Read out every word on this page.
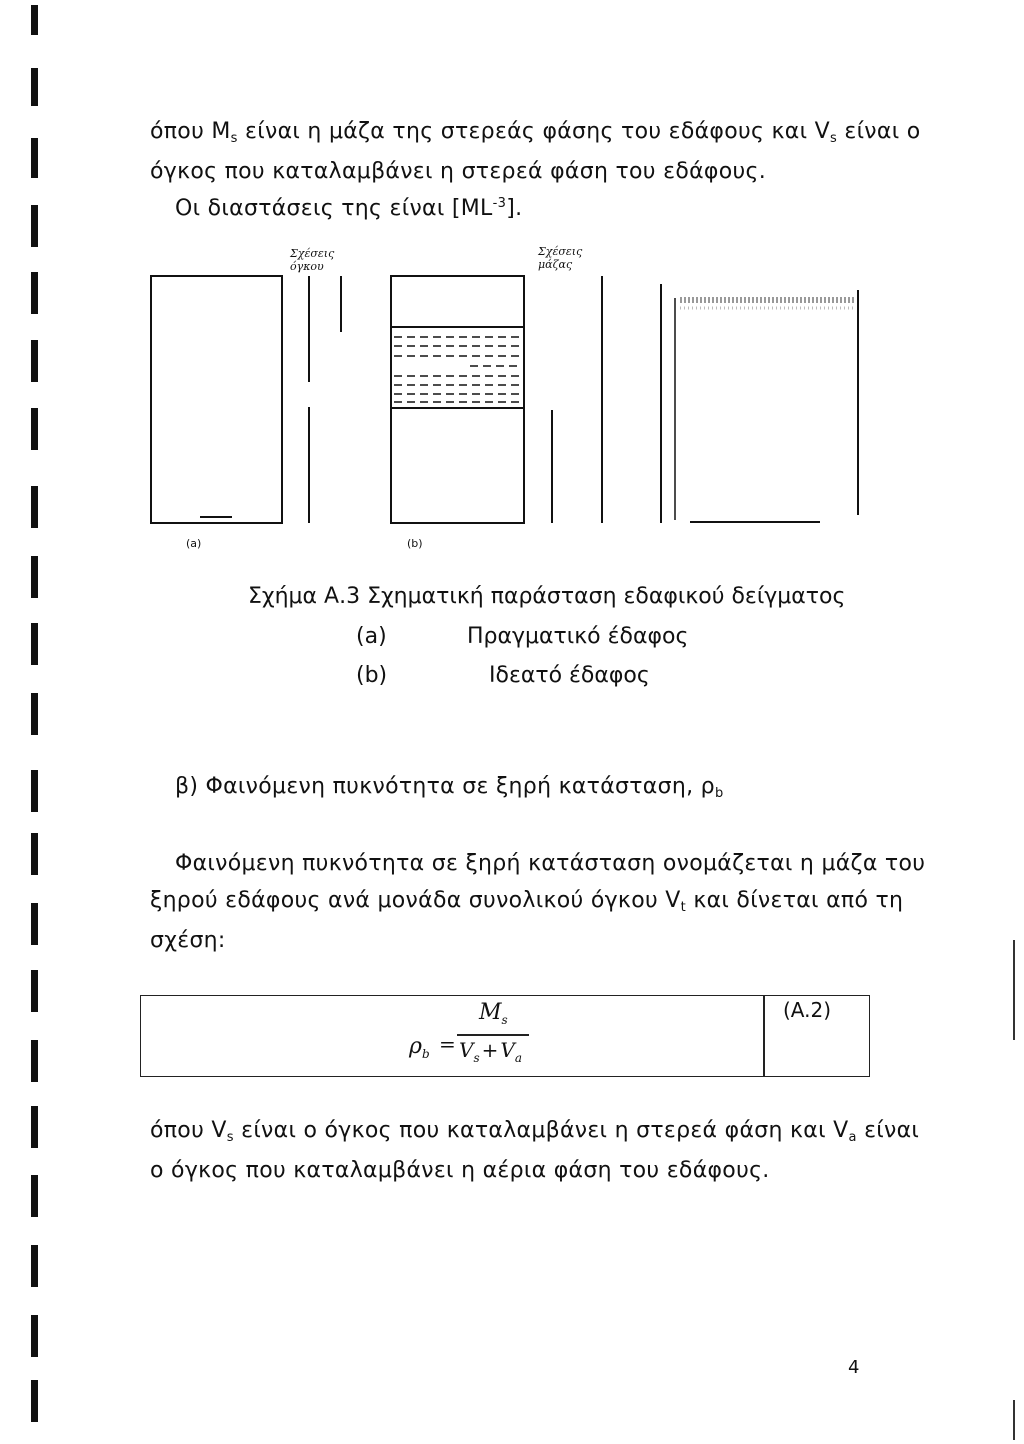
όπου Ms είναι η μάζα της στερεάς φάσης του εδάφους και Vs είναι ο
όγκος που καταλαμβάνει η στερεά φάση του εδάφους.
Οι διαστάσεις της είναι $[ML^{-3}]$.
Σχέσεις όγκου
Σχέσεις μάζας
(a)	(b)
Σχήμα Α.3 Σχηματική παράσταση εδαφικού δείγματος
(a)	Πραγματικό έδαφος
(b)	Ιδεατό έδαφος
β) Φαινόμενη πυκνότητα σε ξηρή κατάσταση, ρb
Φαινόμενη πυκνότητα σε ξηρή κατάσταση ονομάζεται η μάζα του
ξηρού εδάφους ανά μονάδα συνολικού όγκου Vt και δίνεται από τη
σχέση:
$\rho_b$ =
$M_s$
$V_s + V_a$
(A.2)
όπου Vs είναι ο όγκος που καταλαμβάνει η στερεά φάση και Va είναι
ο όγκος που καταλαμβάνει η αέρια φάση του εδάφους.
4
